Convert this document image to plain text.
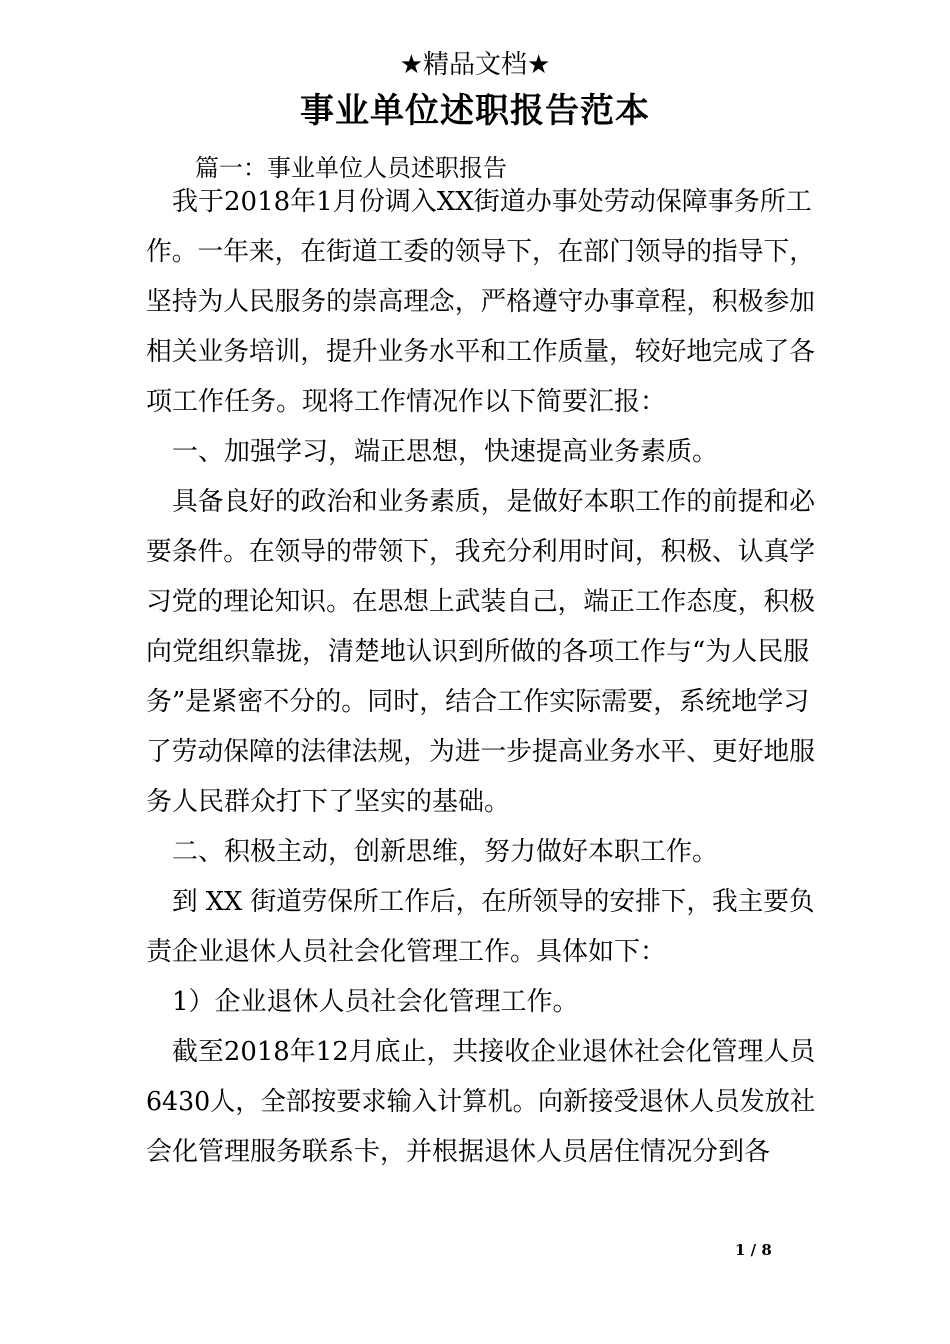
★精品文档★
事业单位述职报告范本
篇一：事业单位人员述职报告
我于2018年1月份调入XX街道办事处劳动保障事务所工
作。一年来，在街道工委的领导下，在部门领导的指导下，
坚持为人民服务的崇高理念，严格遵守办事章程，积极参加
相关业务培训，提升业务水平和工作质量，较好地完成了各
项工作任务。现将工作情况作以下简要汇报：
一、加强学习，端正思想，快速提高业务素质。
具备良好的政治和业务素质，是做好本职工作的前提和必
要条件。在领导的带领下，我充分利用时间，积极、认真学
习党的理论知识。在思想上武装自己，端正工作态度，积极
向党组织靠拢，清楚地认识到所做的各项工作与“为人民服
务”是紧密不分的。同时，结合工作实际需要，系统地学习
了劳动保障的法律法规，为进一步提高业务水平、更好地服
务人民群众打下了坚实的基础。
二、积极主动，创新思维，努力做好本职工作。
到 XX 街道劳保所工作后，在所领导的安排下，我主要负
责企业退休人员社会化管理工作。具体如下：
1）企业退休人员社会化管理工作。
截至2018年12月底止，共接收企业退休社会化管理人员
6430人，全部按要求输入计算机。向新接受退休人员发放社
会化管理服务联系卡，并根据退休人员居住情况分到各
1 / 8
